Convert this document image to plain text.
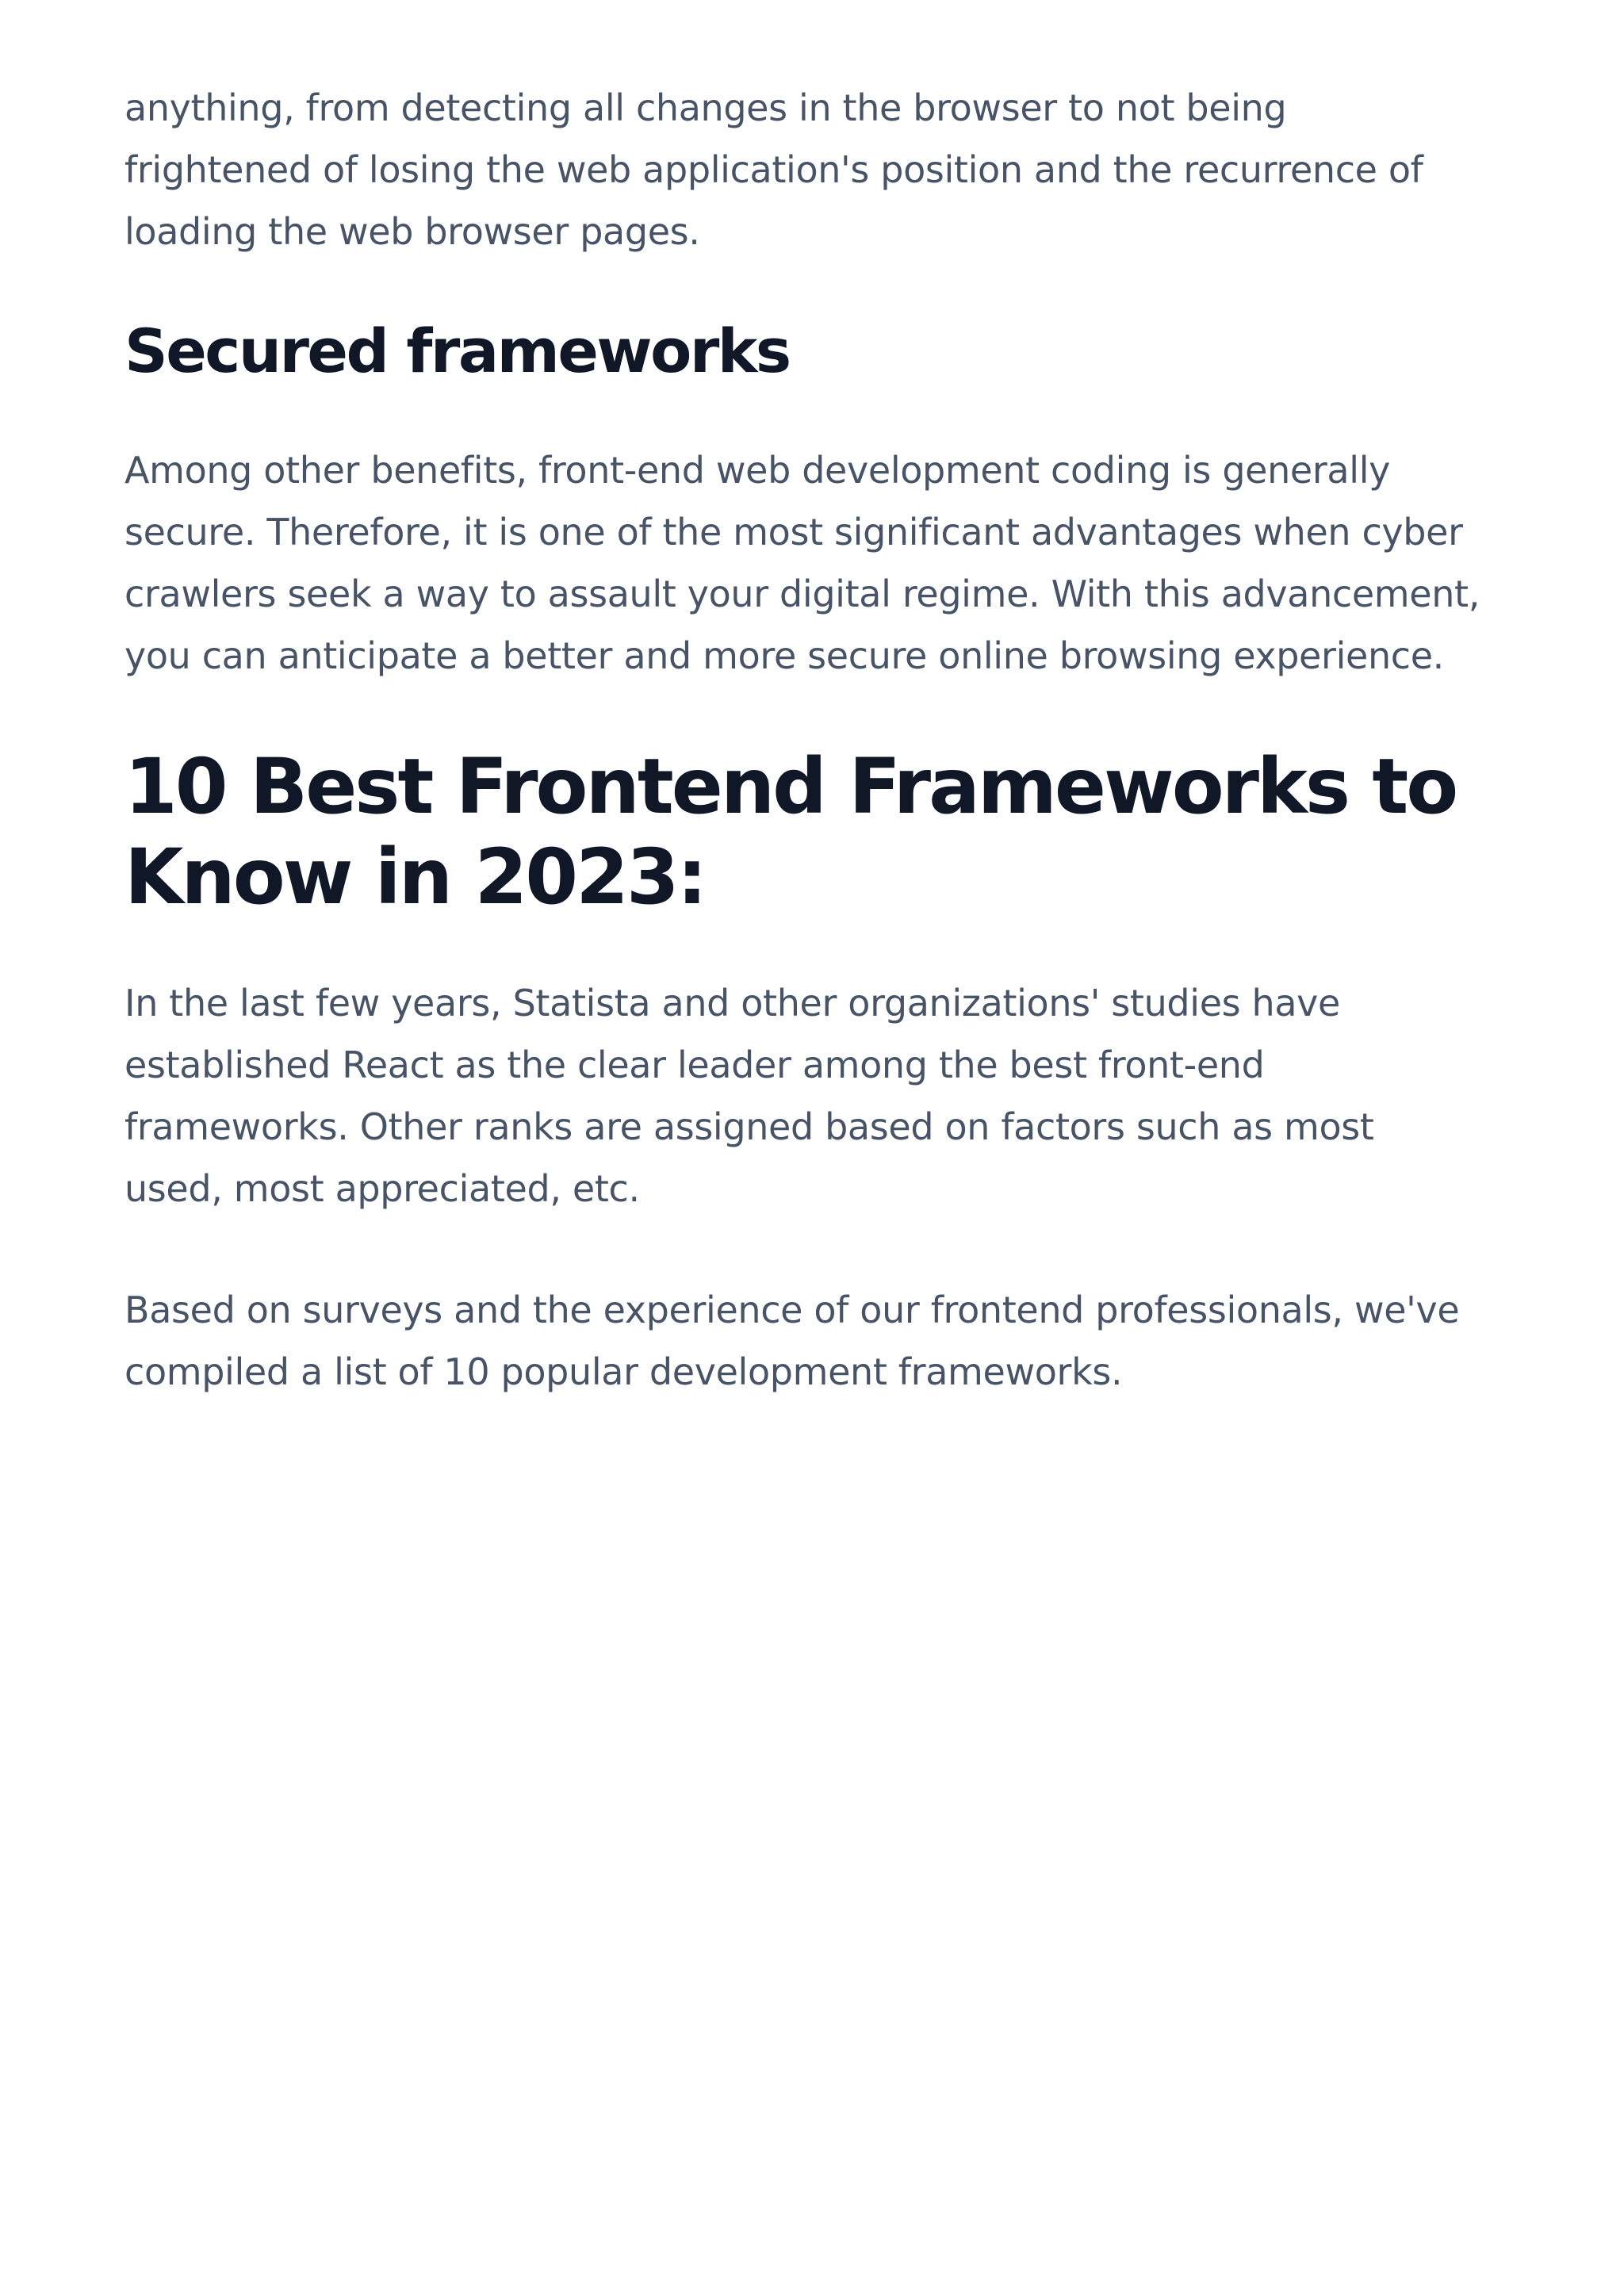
anything, from detecting all changes in the browser to not being
frightened of losing the web application's position and the recurrence of
loading the web browser pages.

Secured frameworks

Among other benefits, front-end web development coding is generally
secure. Therefore, it is one of the most significant advantages when cyber
crawlers seek a way to assault your digital regime. With this advancement,
you can anticipate a better and more secure online browsing experience.

10 Best Frontend Frameworks to
Know in 2023:

In the last few years, Statista and other organizations' studies have
established React as the clear leader among the best front-end
frameworks. Other ranks are assigned based on factors such as most
used, most appreciated, etc.

Based on surveys and the experience of our frontend professionals, we've
compiled a list of 10 popular development frameworks.
